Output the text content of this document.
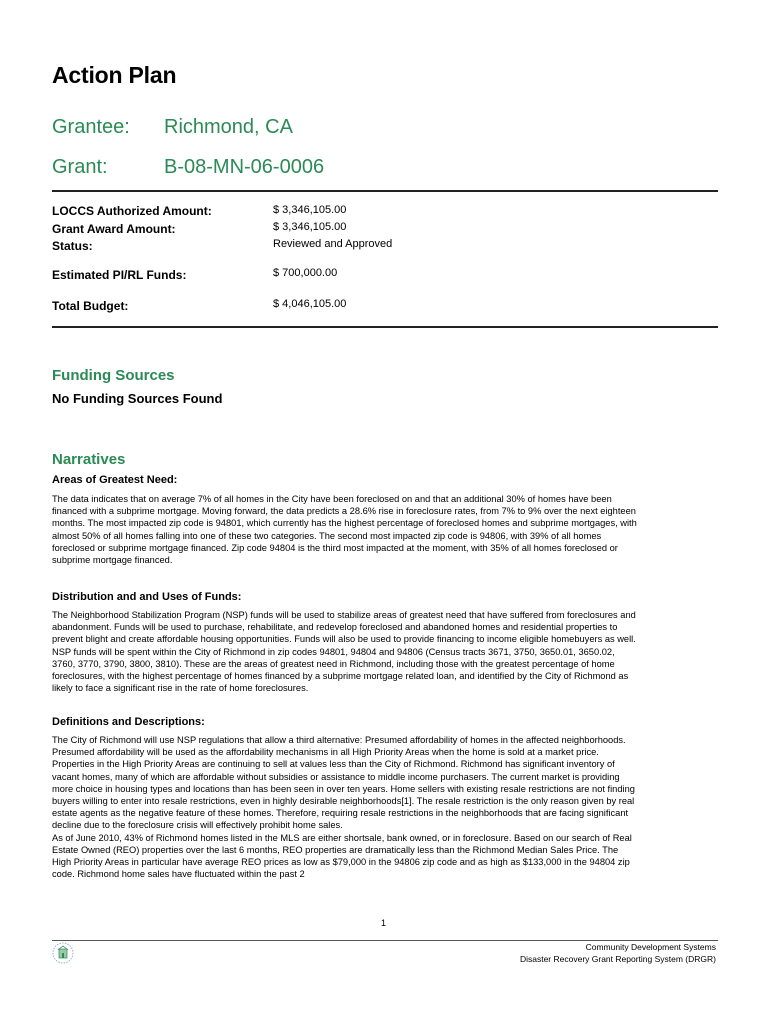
Action Plan
Grantee: Richmond, CA
Grant:	B-08-MN-06-0006
LOCCS Authorized Amount:	$ 3,346,105.00
Grant Award Amount:	$ 3,346,105.00
Status:	Reviewed and Approved
Estimated PI/RL Funds:	$ 700,000.00
Total Budget:	$ 4,046,105.00
Funding Sources
No Funding Sources Found
Narratives
Areas of Greatest Need:
The data indicates that on average 7% of all homes in the City have been foreclosed on and that an additional 30% of homes have been
financed with a subprime mortgage. Moving forward, the data predicts a 28.6% rise in foreclosure rates, from 7% to 9% over the next eighteen
months. The most impacted zip code is 94801, which currently has the highest percentage of foreclosed homes and subprime mortgages, with
almost 50% of all homes falling into one of these two categories. The second most impacted zip code is 94806, with 39% of all homes
foreclosed or subprime mortgage financed. Zip code 94804 is the third most impacted at the moment, with 35% of all homes foreclosed or
subprime mortgage financed.
Distribution and and Uses of Funds:
The Neighborhood Stabilization Program (NSP) funds will be used to stabilize areas of greatest need that have suffered from foreclosures and
abandonment. Funds will be used to purchase, rehabilitate, and redevelop foreclosed and abandoned homes and residential properties to
prevent blight and create affordable housing opportunities. Funds will also be used to provide financing to income eligible homebuyers as well.
NSP funds will be spent within the City of Richmond in zip codes 94801, 94804 and 94806 (Census tracts 3671, 3750, 3650.01, 3650.02,
3760, 3770, 3790, 3800, 3810). These are the areas of greatest need in Richmond, including those with the greatest percentage of home
foreclosures, with the highest percentage of homes financed by a subprime mortgage related loan, and identified by the City of Richmond as
likely to face a significant rise in the rate of home foreclosures.
Definitions and Descriptions:
The City of Richmond will use NSP regulations that allow a third alternative: Presumed affordability of homes in the affected neighborhoods.
Presumed affordability will be used as the affordability mechanisms in all High Priority Areas when the home is sold at a market price.
Properties in the High Priority Areas are continuing to sell at values less than the City of Richmond. Richmond has significant inventory of
vacant homes, many of which are affordable without subsidies or assistance to middle income purchasers. The current market is providing
more choice in housing types and locations than has been seen in over ten years. Home sellers with existing resale restrictions are not finding
buyers willing to enter into resale restrictions, even in highly desirable neighborhoods[1]. The resale restriction is the only reason given by real
estate agents as the negative feature of these homes. Therefore, requiring resale restrictions in the neighborhoods that are facing significant
decline due to the foreclosure crisis will effectively prohibit home sales.
As of June 2010, 43% of Richmond homes listed in the MLS are either shortsale, bank owned, or in foreclosure. Based on our search of Real
Estate Owned (REO) properties over the last 6 months, REO properties are dramatically less than the Richmond Median Sales Price. The
High Priority Areas in particular have average REO prices as low as $79,000 in the 94806 zip code and as high as $133,000 in the 94804 zip
code. Richmond home sales have fluctuated within the past 2
1
Community Development Systems
Disaster Recovery Grant Reporting System (DRGR)
